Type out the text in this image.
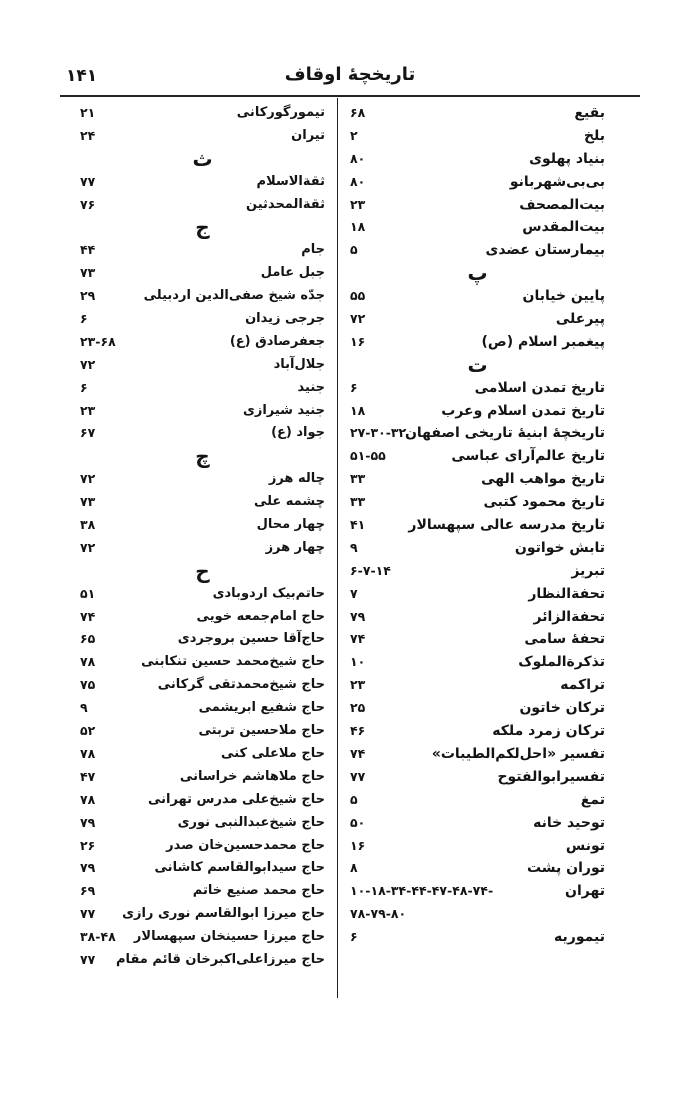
۱۴۱	تاریخچهٔ اوقاف
بقیع
۶۸
بلخ
۲
بنیاد پهلوی
۸۰
بی‌بی‌شهربانو
۸۰
بیت‌المصحف
۲۳
بیت‌المقدس
۱۸
بیمارستان عضدی
۵
پ
پایین خیابان
۵۵
پیرعلی
۷۲
پیغمبر اسلام (ص)
۱۶
ت
تاریخ تمدن اسلامی
۶
تاریخ تمدن اسلام وعرب
۱۸
تاریخچهٔ ابنیهٔ تاریخی اصفهان
۲۷-۳۰-۳۲
تاریخ عالم‌آرای عباسی
۵۱-۵۵
تاریخ مواهب الهی
۳۳
تاریخ محمود کتبی
۳۳
تاریخ مدرسه عالی سپهسالار
۴۱
تابش خواتون
۹
تبریز
۶-۷-۱۴
تحفةالنظار
۷
تحفةالزائر
۷۹
تحفهٔ سامی
۷۴
تذکرة‌الملوک
۱۰
تراکمه
۲۳
ترکان خاتون
۲۵
ترکان زمرد ملکه
۴۶
تفسیر «احل‌لکم‌الطیبات»
۷۴
تفسیرابوالفتوح
۷۷
تمغ
۵
توحید خانه
۵۰
تونس
۱۶
توران پشت
۸
تهران
۱۰-۱۸-۳۴-۴۴-۴۷-۴۸-۷۴-
۷۸-۷۹-۸۰
تیموریه
۶
تیمورگورکانی
۲۱
تیران
۲۴
ث
ثقةالاسلام
۷۷
ثقةالمحدثین
۷۶
ج
جام
۴۴
جبل عامل
۷۳
جدّه شیخ صفی‌الدین اردبیلی
۲۹
جرجی زیدان
۶
جعفرصادق (ع)
۲۳-۶۸
جلال‌آباد
۷۲
جنید
۶
جنید شیرازی
۲۳
جواد (ع)
۶۷
چ
چاله هرز
۷۲
چشمه علی
۷۳
چهار محال
۳۸
چهار هرز
۷۲
ح
حاتم‌بیک اردوبادی
۵۱
حاج امام‌جمعه خویی
۷۴
حاج‌آقا حسین بروجردی
۶۵
حاج شیخ‌محمد حسین تنکابنی
۷۸
حاج شیخ‌محمدتقی گرکانی
۷۵
حاج شفیع ابریشمی
۹
حاج ملاحسین تربتی
۵۲
حاج ملاعلی کنی
۷۸
حاج ملاهاشم خراسانی
۴۷
حاج شیخ‌علی مدرس تهرانی
۷۸
حاج شیخ‌عبدالنبی نوری
۷۹
حاج محمدحسین‌خان صدر
۲۶
حاج سیدابوالقاسم کاشانی
۷۹
حاج محمد صنیع خاتم
۶۹
حاج میرزا ابوالقاسم نوری رازی
۷۷
حاج میرزا حسینخان سپهسالار
۳۸-۴۸
حاج میرزاعلی‌اکبرخان قائم مقام
۷۷
